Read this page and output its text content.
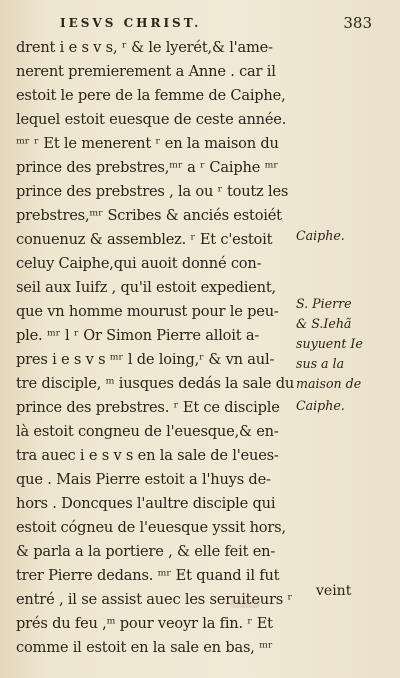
IESVS CHRIST.	383
drent i e s v s, ʳ & le lyerét,& l'ame-
nerent premierement a Anne . car il
estoit le pere de la femme de Caiphe,
lequel estoit euesque de ceste année.
ᵐʳ ʳ Et le menerent ʳ en la maison du
prince des prebstres,ᵐʳ a ʳ Caiphe ᵐʳ
prince des prebstres , la ou ʳ toutz les
prebstres,ᵐʳ Scribes & anciés estoiét
conuenuz & assemblez. ʳ Et c'estoit
celuy Caiphe,qui auoit donné con-
seil aux Iuifz , qu'il estoit expedient,
que vn homme mourust pour le peu-
ple. ᵐʳ l ʳ Or Simon Pierre alloit a-
pres i e s v s ᵐʳ l de loing,ʳ & vn aul-
tre disciple, ᵐ iusques dedás la sale du
prince des prebstres. ʳ Et ce disciple
là estoit congneu de l'euesque,& en-
tra auec i e s v s en la sale de l'eues-
que . Mais Pierre estoit a l'huys de-
hors . Doncques l'aultre disciple qui
estoit cógneu de l'euesque yssit hors,
& parla a la portiere , & elle feit en-
trer Pierre dedans. ᵐʳ Et quand il fut
entré , il se assist auec les seruiteurs ʳ
prés du feu ,ᵐ pour veoyr la fin. ʳ Et
comme il estoit en la sale en bas, ᵐʳ
Caiphe.
S. Pierre
& S.Iehã
suyuent Ie
sus a la
maison de
Caiphe.
veint
